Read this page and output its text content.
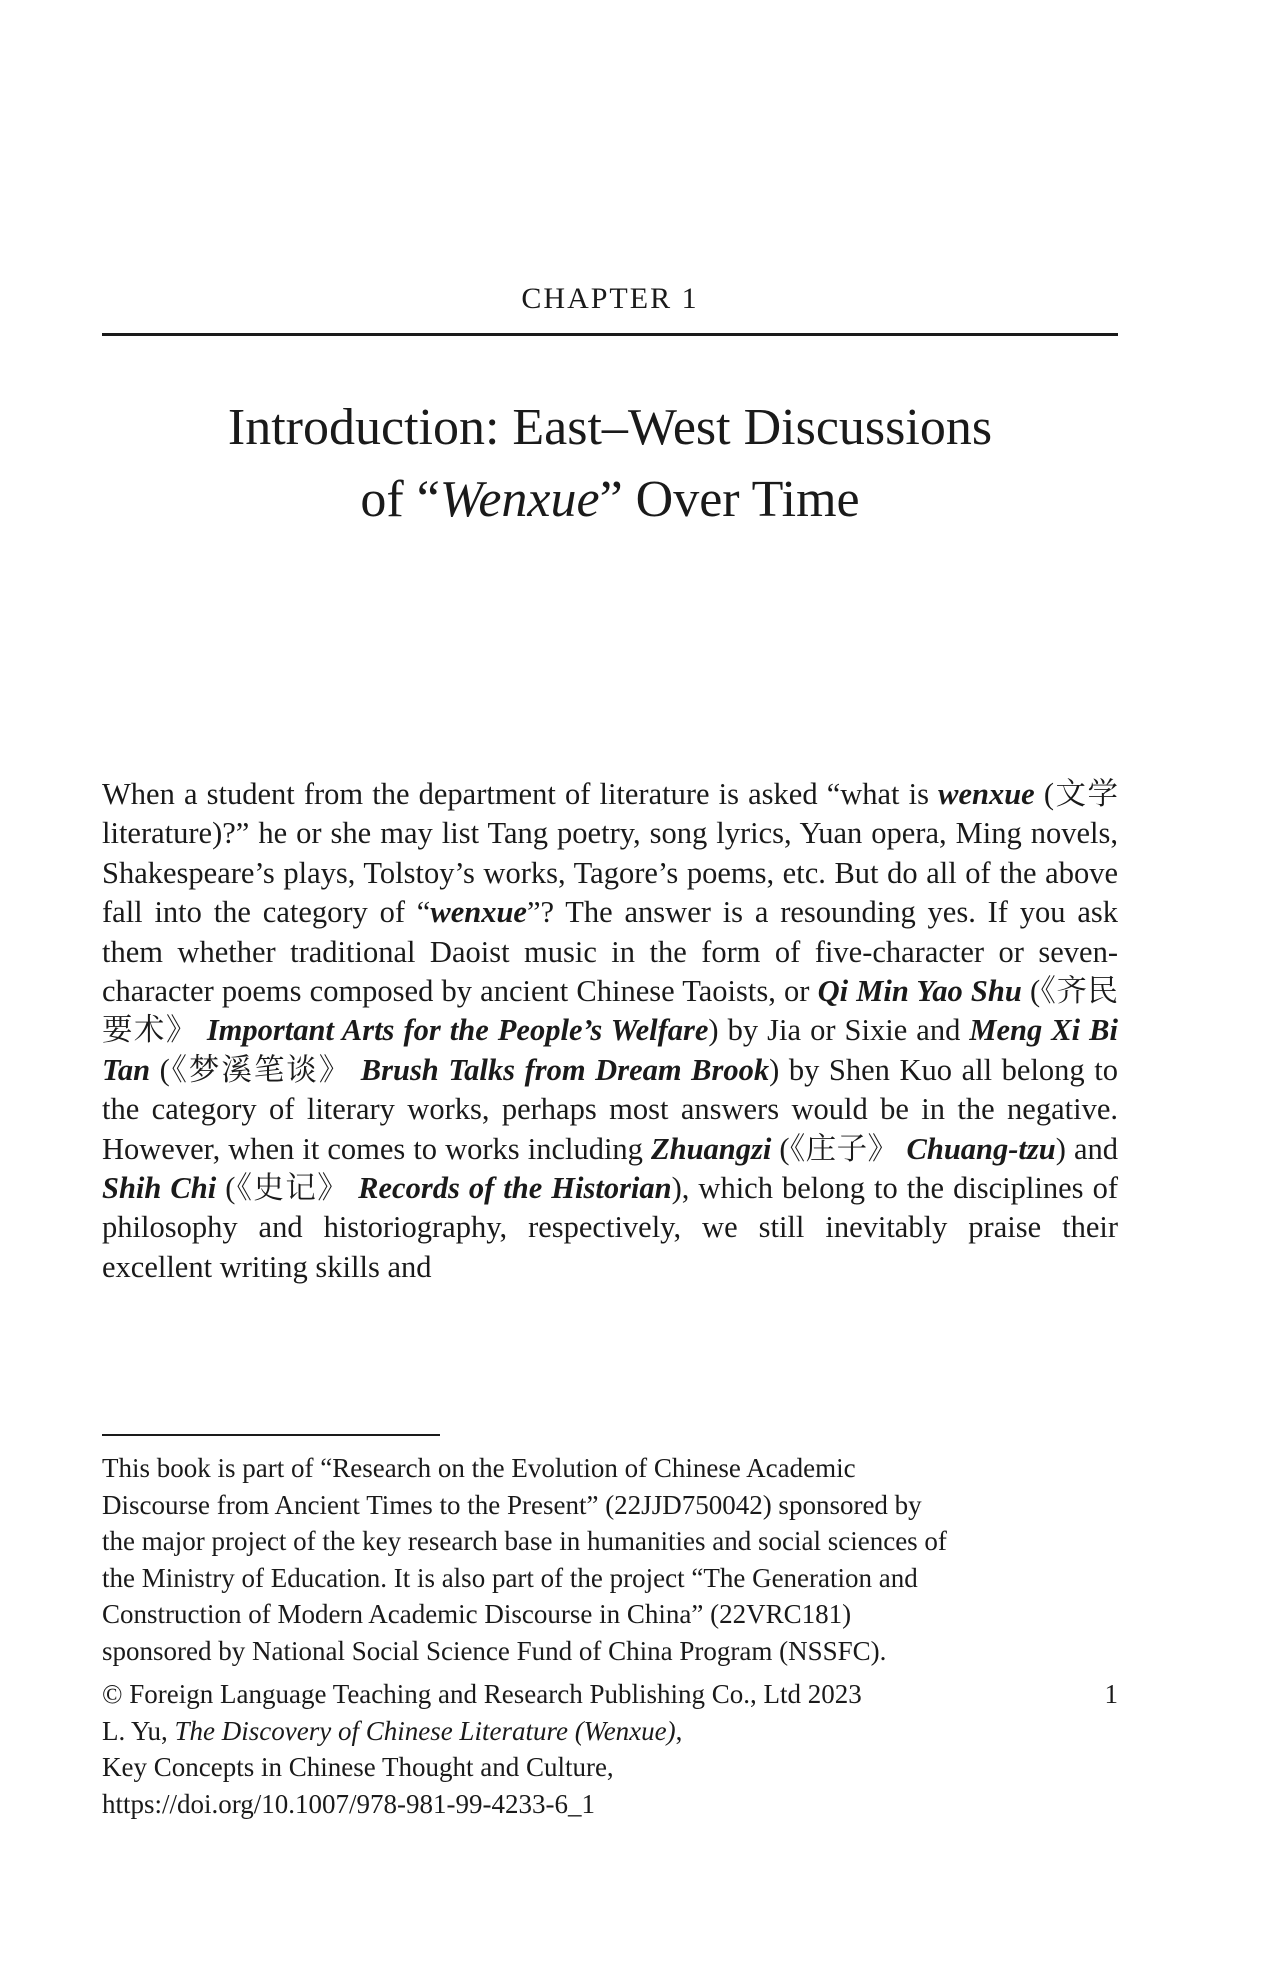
CHAPTER 1
Introduction: East–West Discussions
of “Wenxue” Over Time

When a student from the department of literature is asked “what is wenxue (文学 literature)?” he or she may list Tang poetry, song lyrics, Yuan opera, Ming novels, Shakespeare’s plays, Tolstoy’s works, Tagore’s poems, etc. But do all of the above fall into the category of “wenxue”? The answer is a resounding yes. If you ask them whether traditional Daoist music in the form of five-character or seven-character poems composed by ancient Chinese Taoists, or Qi Min Yao Shu (《齐民要术》 Important Arts for the People’s Welfare) by Jia or Sixie and Meng Xi Bi Tan (《梦溪笔谈》 Brush Talks from Dream Brook) by Shen Kuo all belong to the category of literary works, perhaps most answers would be in the negative. However, when it comes to works including Zhuangzi (《庄子》 Chuang-tzu) and Shih Chi (《史记》 Records of the Historian), which belong to the disciplines of philosophy and historiography, respectively, we still inevitably praise their excellent writing skills and

This book is part of “Research on the Evolution of Chinese Academic
Discourse from Ancient Times to the Present” (22JJD750042) sponsored by
the major project of the key research base in humanities and social sciences of
the Ministry of Education. It is also part of the project “The Generation and
Construction of Modern Academic Discourse in China” (22VRC181)
sponsored by National Social Science Fund of China Program (NSSFC).
© Foreign Language Teaching and Research Publishing Co., Ltd 2023
L. Yu, The Discovery of Chinese Literature (Wenxue),
Key Concepts in Chinese Thought and Culture,
https://doi.org/10.1007/978-981-99-4233-6_1
1
